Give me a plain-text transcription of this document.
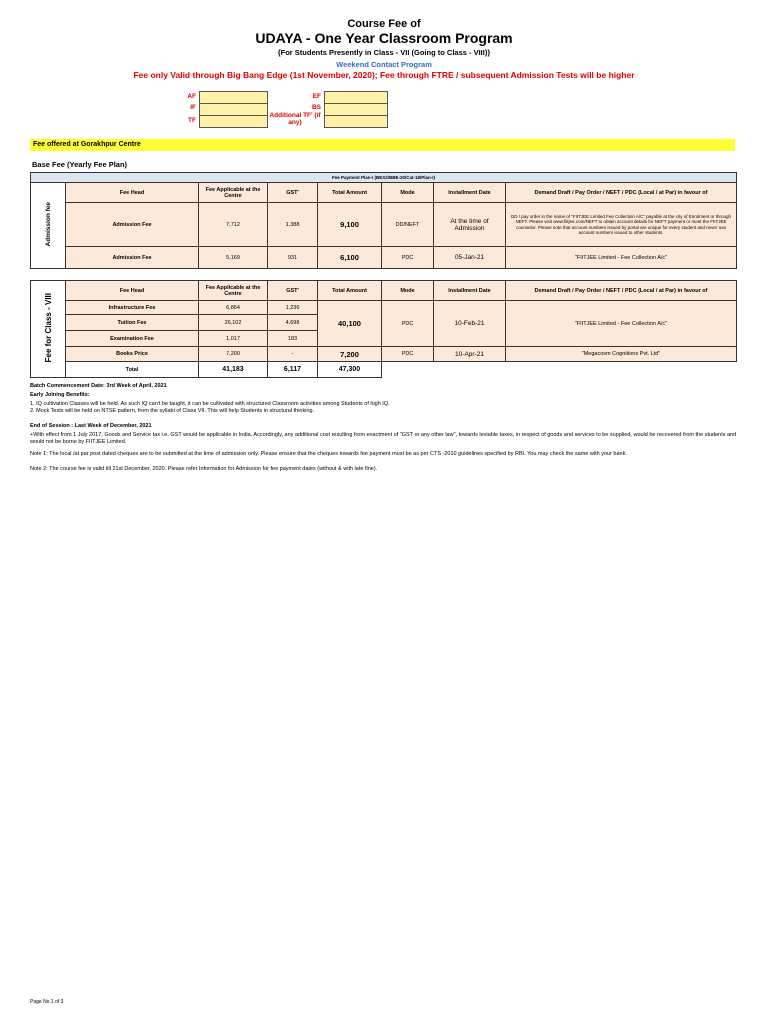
Course Fee of
UDAYA - One Year Classroom Program
{For Students Presently in Class - VII (Going to Class - VIII)}
Weekend Contact Program
Fee only Valid through Big Bang Edge (1st November, 2020); Fee through FTRE / subsequent Admission Tests will be higher
AF
IF
TF
EF
BS
Additional TF' (if any)
Fee offered at Gorakhpur Centre
Base Fee (Yearly Fee Plan)
Fee Payment Plan-I (BES2/BBE-20/Cat-18/Plan-I)							
Admission fee	Fee Head	Fee Applicable at the Centre	GST'	Total Amount	Mode	Installment Date	Demand Draft / Pay Order / NEFT / PDC (Local / at Par) in favour of
	Admission Fee	7,712	1,388	9,100	DD/NEFT	At the time of Admission	DD / pay order in the name of "FIITJEE Limited Fee Collection A/C" payable at the city of Enrolment or through NEFT. Please visit www.fiitjee.com/NEFT to obtain account details for NEFT payment or meet the FIITJEE counselor. Please note that account numbers issued by portal are unique for every student and never use account numbers issued to other students.
	Admission Fee	5,169	931	6,100	PDC	05-Jan-21	"FIITJEE Limited - Fee Collection A/c"
Fee for Class - VIII	Fee Head	Fee Applicable at the Centre	GST'	Total Amount	Mode	Installment Date	Demand Draft / Pay Order / NEFT / PDC (Local / at Par) in favour of
	Infrastructure Fee	6,864	1,236	40,100	PDC	10-Feb-21	"FIITJEE Limited - Fee Collection A/c"
	Tuition Fee	26,102	4,698				
	Examination Fee	1,017	183				
	Books Price	7,200	-	7,200	PDC	10-Apr-21	"Megacosm Cognitions Pvt. Ltd"
	Total	41,183	6,117	47,300			
Batch Commencement Date: 3rd Week of April, 2021
Early Joining Benefits:
1. IQ cultivation Classes will be held. As such IQ can't be taught, it can be cultivated with structured Classroom activities among Students of high IQ.
2. Mock Tests will be held on NTSE pattern, from the syllabi of Class VII. This will help Students in structural thinking.
End of Session : Last Week of December, 2021
+With effect from 1 July 2017, Goods and Service tax i.e. GST would be applicable in India. Accordingly, any additional cost resulting from enactment of "GST or any other law", towards leviable taxes, in respect of goods and services to be supplied, would be recovered from the students and would not be borne by FIITJEE Limited.
Note 1: The local /at par post dated cheques are to be submitted at the time of admission only. Please ensure that the cheques towards fee payment must be as per CTS -2010 guidelines specified by RBI. You may check the same with your bank.
Note 2: The course fee is valid till 21st December, 2020. Please refer Information for Admission for fee payment dates (without & with late fine).
Page No.1 of 3
